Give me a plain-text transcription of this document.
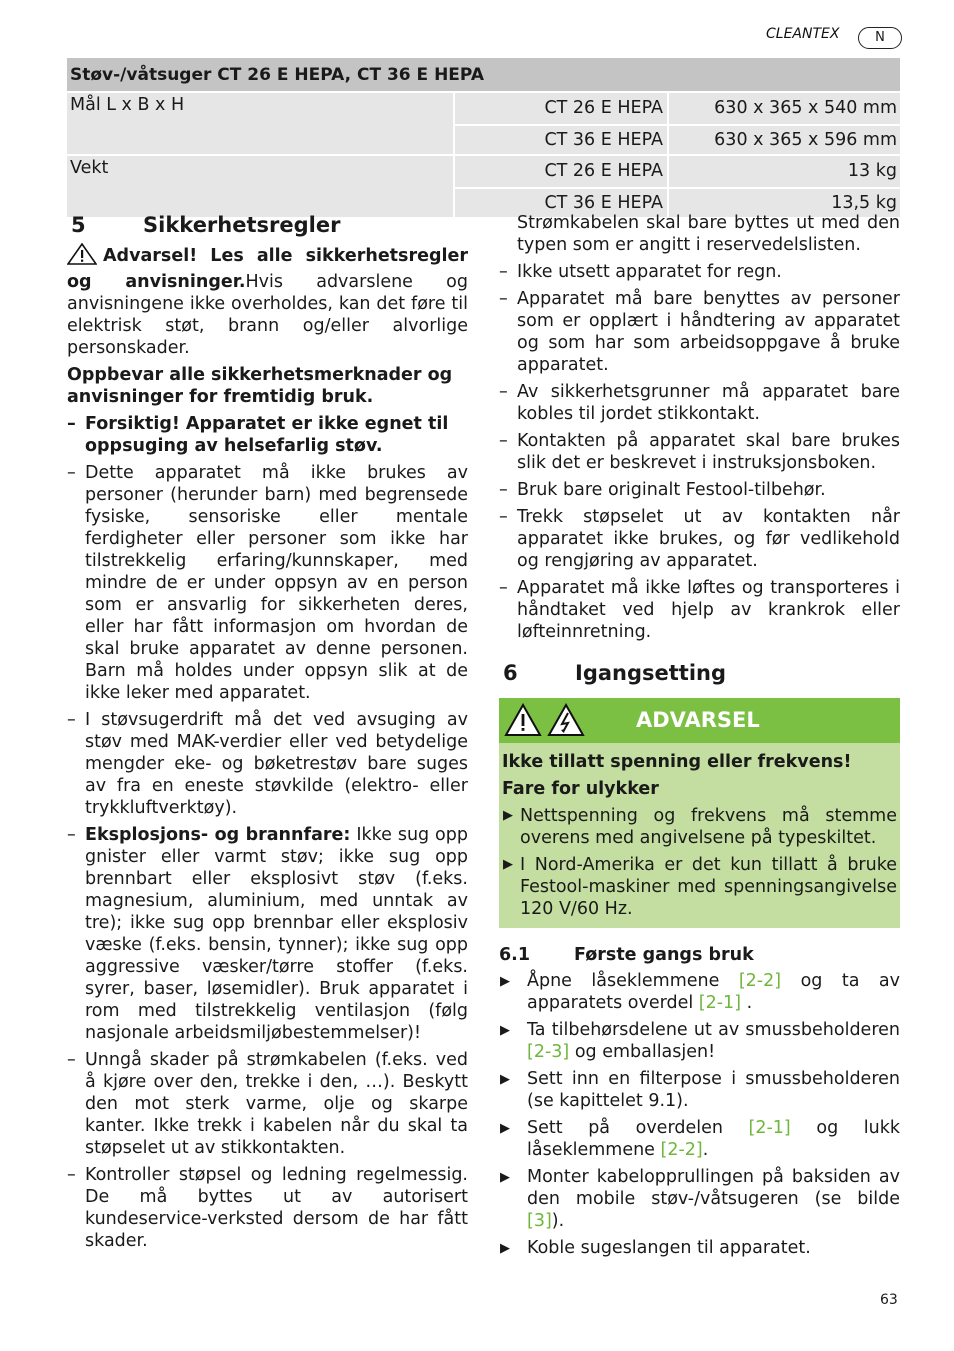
CLEANTEX	N
Støv-/våtsuger CT 26 E HEPA, CT 36 E HEPA		
Mål L x B x H	CT 26 E HEPA	630 x 365 x 540 mm
	CT 36 E HEPA	630 x 365 x 596 mm
Vekt	CT 26 E HEPA	13 kg
	CT 36 E HEPA	13,5 kg
5	Sikkerhetsregler

Advarsel! Les alle sikkerhetsregler og anvisninger.Hvis advarslene og anvisningene ikke overholdes, kan det føre til elektrisk støt, brann og/eller alvorlige personskader.

Oppbevar alle sikkerhetsmerknader og anvisninger for fremtidig bruk.

– Forsiktig! Apparatet er ikke egnet til oppsuging av helsefarlig støv.
– Dette apparatet må ikke brukes av personer (herunder barn) med begrensede fysiske, sensoriske eller mentale ferdigheter eller personer som ikke har tilstrekkelig erfaring/kunnskaper, med mindre de er under oppsyn av en person som er ansvarlig for sikkerheten deres, eller har fått informasjon om hvordan de skal bruke apparatet av denne personen. Barn må holdes under oppsyn slik at de ikke leker med apparatet.
– I støvsugerdrift må det ved avsuging av støv med MAK-verdier eller ved betydelige mengder eke- og bøketrestøv bare suges av fra en eneste støvkilde (elektro- eller trykkluftverktøy).
– Eksplosjons- og brannfare: Ikke sug opp gnister eller varmt støv; ikke sug opp brennbart eller eksplosivt støv (f.eks. magnesium, aluminium, med unntak av tre); ikke sug opp brennbar eller eksplosiv væske (f.eks. bensin, tynner); ikke sug opp aggressive væsker/tørre stoffer (f.eks. syrer, baser, løsemidler). Bruk apparatet i rom med tilstrekkelig ventilasjon (følg nasjonale arbeidsmiljøbestemmelser)!
– Unngå skader på strømkabelen (f.eks. ved å kjøre over den, trekke i den, …). Beskytt den mot sterk varme, olje og skarpe kanter. Ikke trekk i kabelen når du skal ta støpselet ut av stikkontakten.
– Kontroller støpsel og ledning regelmessig. De må byttes ut av autorisert kundeservice-verksted dersom de har fått skader.

Strømkabelen skal bare byttes ut med den typen som er angitt i reservedelslisten.

– Ikke utsett apparatet for regn.
– Apparatet må bare benyttes av personer som er opplært i håndtering av apparatet og som har som arbeidsoppgave å bruke apparatet.
– Av sikkerhetsgrunner må apparatet bare kobles til jordet stikkontakt.
– Kontakten på apparatet skal bare brukes slik det er beskrevet i instruksjonsboken.
– Bruk bare originalt Festool-tilbehør.
– Trekk støpselet ut av kontakten når apparatet ikke brukes, og før vedlikehold og rengjøring av apparatet.
– Apparatet må ikke løftes og transporteres i håndtaket ved hjelp av krankrok eller løfteinnretning.
6	Igangsetting
ADVARSEL

Ikke tillatt spenning eller frekvens!

Fare for ulykker

▶ Nettspenning og frekvens må stemme overens med angivelsene på typeskiltet.
▶ I Nord-Amerika er det kun tillatt å bruke Festool-maskiner med spenningsangivelse 120 V/60 Hz.
6.1	Første gangs bruk
▶ Åpne låseklemmene [2-2] og ta av apparatets overdel [2-1] .
▶ Ta tilbehørsdelene ut av smussbeholderen [2-3] og emballasjen!
▶ Sett inn en filterpose i smussbeholderen (se kapittelet 9.1).
▶ Sett på overdelen [2-1] og lukk låseklemmene [2-2].
▶ Monter kabelopprullingen på baksiden av den mobile støv-/våtsugeren (se bilde [3]).
▶ Koble sugeslangen til apparatet.
63
